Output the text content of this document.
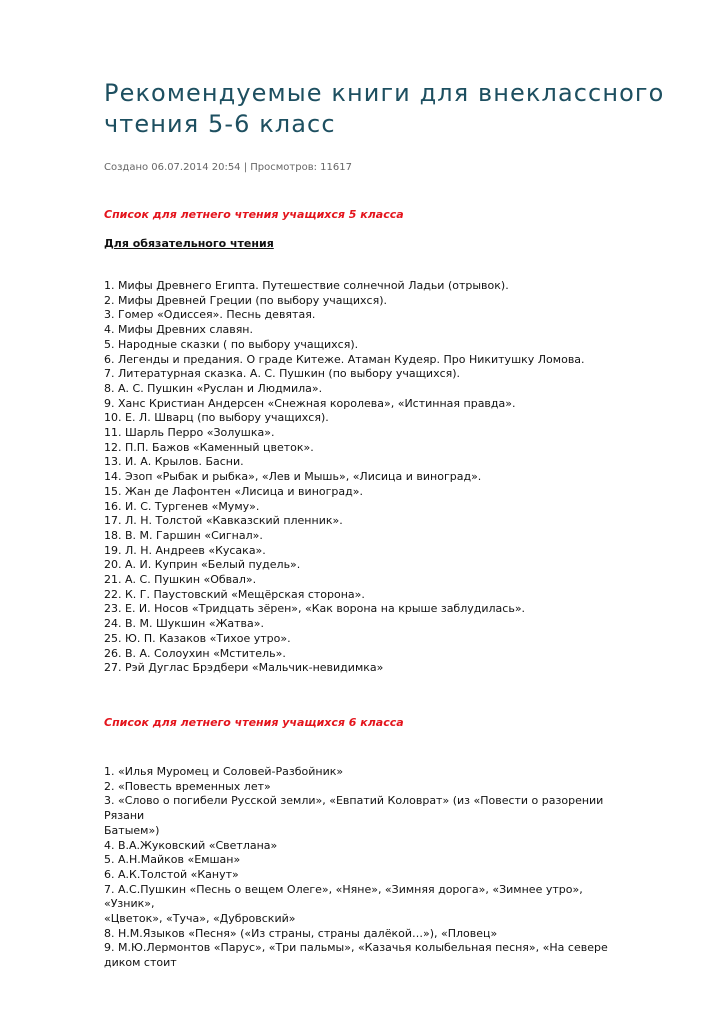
Рекомендуемые книги для внеклассного
чтения 5-6 класс
Создано 06.07.2014 20:54 | Просмотров: 11617
Список для летнего чтения учащихся 5 класса
Для обязательного чтения
1. Мифы Древнего Египта. Путешествие солнечной Ладьи (отрывок).
2. Мифы Древней Греции (по выбору учащихся).
3. Гомер «Одиссея». Песнь девятая.
4. Мифы Древних славян.
5. Народные сказки ( по выбору учащихся).
6. Легенды и предания. О граде Китеже. Атаман Кудеяр. Про Никитушку Ломова.
7. Литературная сказка. А. С. Пушкин (по выбору учащихся).
8. А. С. Пушкин «Руслан и Людмила».
9. Ханс Кристиан Андерсен «Снежная королева», «Истинная правда».
10. Е. Л. Шварц (по выбору учащихся).
11. Шарль Перро «Золушка».
12. П.П. Бажов «Каменный цветок».
13. И. А. Крылов. Басни.
14. Эзоп «Рыбак и рыбка», «Лев и Мышь», «Лисица и виноград».
15. Жан де Лафонтен «Лисица и виноград».
16. И. С. Тургенев «Муму».
17. Л. Н. Толстой «Кавказский пленник».
18. В. М. Гаршин «Сигнал».
19. Л. Н. Андреев «Кусака».
20. А. И. Куприн «Белый пудель».
21. А. С. Пушкин «Обвал».
22. К. Г. Паустовский «Мещёрская сторона».
23. Е. И. Носов «Тридцать зёрен», «Как ворона на крыше заблудилась».
24. В. М. Шукшин «Жатва».
25. Ю. П. Казаков «Тихое утро».
26. В. А. Солоухин «Мститель».
27. Рэй Дуглас Брэдбери «Мальчик-невидимка»
Список для летнего чтения учащихся 6 класса
1. «Илья Муромец и Соловей-Разбойник»
2. «Повесть временных лет»
3. «Слово о погибели Русской земли», «Евпатий Коловрат» (из «Повести о разорении
Рязани
Батыем»)
4. В.А.Жуковский «Светлана»
5. А.Н.Майков «Емшан»
6. А.К.Толстой «Канут»
7. А.С.Пушкин «Песнь о вещем Олеге», «Няне», «Зимняя дорога», «Зимнее утро»,
«Узник»,
«Цветок», «Туча», «Дубровский»
8. Н.М.Языков «Песня» («Из страны, страны далёкой…»), «Пловец»
9. М.Ю.Лермонтов «Парус», «Три пальмы», «Казачья колыбельная песня», «На севере
диком стоит
